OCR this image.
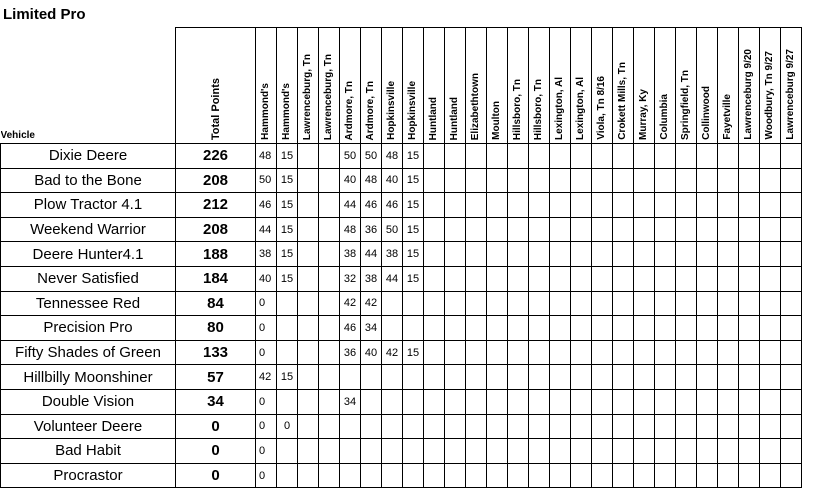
Limited Pro
Vehicle	Total Points	Hammond's	Hammond's	Lawrenceburg, Tn	Lawrenceburg, Tn	Ardmore, Tn	Ardmore, Tn	Hopkinsville	Hopkinsville	Huntland	Huntland	Elizabethtown	Moulton	Hillsboro, Tn	Hillsboro, Tn	Lexington, Al	Lexington, Al	Viola, Tn 8/16	Crokett Mills, Tn	Murray, Ky	Columbia	Springfield, Tn	Collinwood	Fayetville	Lawrenceburg 9/20	Woodbury, Tn 9/27	Lawrenceburg 9/27

Dixie Deere	226	48	15			50	50	48	15																		
Bad to the Bone	208	50	15			40	48	40	15																		
Plow Tractor 4.1	212	46	15			44	46	46	15																		
Weekend Warrior	208	44	15			48	36	50	15																		
Deere Hunter4.1	188	38	15			38	44	38	15																		
Never Satisfied	184	40	15			32	38	44	15																		
Tennessee Red	84	0				42	42																				
Precision Pro	80	0				46	34																				
Fifty Shades of Green	133	0				36	40	42	15																		
Hillbilly Moonshiner	57	42	15																								
Double Vision	34	0				34																					
Volunteer Deere	0	0	0																								
Bad Habit	0	0																									
Procrastor	0	0																									
